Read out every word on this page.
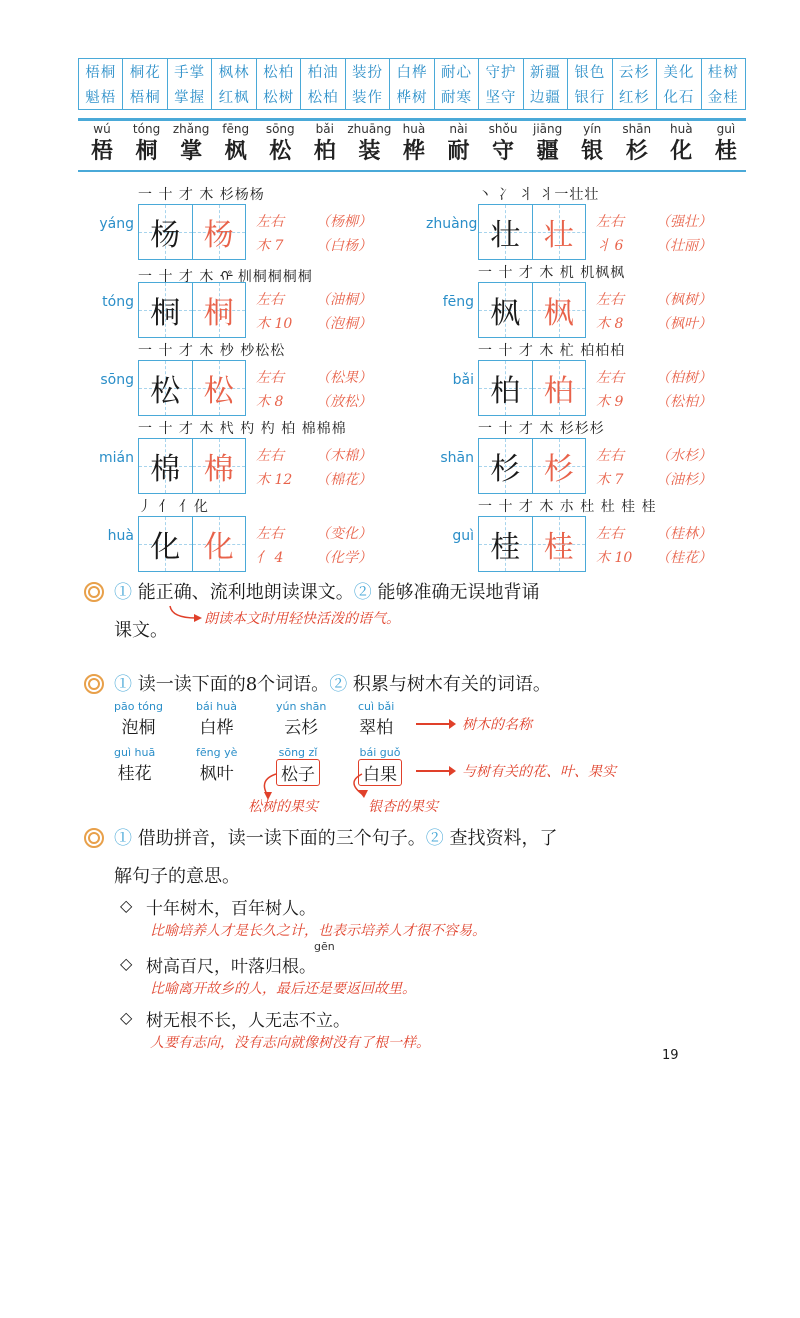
梧桐
魁梧
桐花
梧桐
手掌
掌握
枫林
红枫
松柏
松树
柏油
松柏
装扮
装作
白桦
桦树
耐心
耐寒
守护
坚守
新疆
边疆
银色
银行
云杉
红杉
美化
化石
桂树
金桂
wú
梧
tóng
桐
zhǎng
掌
fēng
枫
sōng
松
bǎi
柏
zhuāng
装
huà
桦
nài
耐
shǒu
守
jiāng
疆
yín
银
shān
杉
huà
化
guì
桂
一 十 才 木 杉杨杨
yáng 杨 杨 左右
木 7
（杨柳）
（白杨）
丶 冫 丬 丬一壮壮
zhuàng 壮 壮 左右
丬 6
（强壮）
（壮丽）
一 十 才 木 ᡥ 杊桐桐桐桐
tóng 桐 桐 左右
木 10
（油桐）
（泡桐）
一 十 才 木 机 机枫枫
fēng 枫 枫 左右
木 8
（枫树）
（枫叶）
一 十 才 木 杪 杪松松
sōng 松 松 左右
木 8
（松果）
（放松）
一 十 才 木 杧 柏柏柏
bǎi 柏 柏 左右
木 9
（柏树）
（松柏）
一 十 才 木 杙 杓 杓 柏 棉棉棉
mián 棉 棉 左右
木 12
（木棉）
（棉花）
一 十 才 木 杉杉杉
shān 杉 杉 左右
木 7
（水杉）
（油杉）
丿 亻 亻化
huà 化 化 左右
亻 4
（变化）
（化学）
一 十 才 木 朩 杜 杜 桂 桂
guì 桂 桂 左右
木 10
（桂林）
（桂花）
① 能正确、流利地朗读课文。② 能够准确无误地背诵
课文。
朗读本文时用轻快活泼的语气。
① 读一读下面的8个词语。② 积累与树木有关的词语。
pāo tóng
泡桐
bái huà
白桦
yún shān
云杉
cuì bǎi
翠柏
guì huā
桂花
fēng yè
枫叶
sōng zǐ
松子
bái guǒ
白果
树木的名称
与树有关的花、叶、果实
松树的果实	银杏的果实
① 借助拼音，读一读下面的三个句子。② 查找资料，了
解句子的意思。
◇ 十年树木，百年树人。
比喻培养人才是长久之计，也表示培养人才很不容易。
gēn
◇ 树高百尺，叶落归根。
比喻离开故乡的人，最后还是要返回故里。
◇ 树无根不长，人无志不立。
人要有志向，没有志向就像树没有了根一样。
19
